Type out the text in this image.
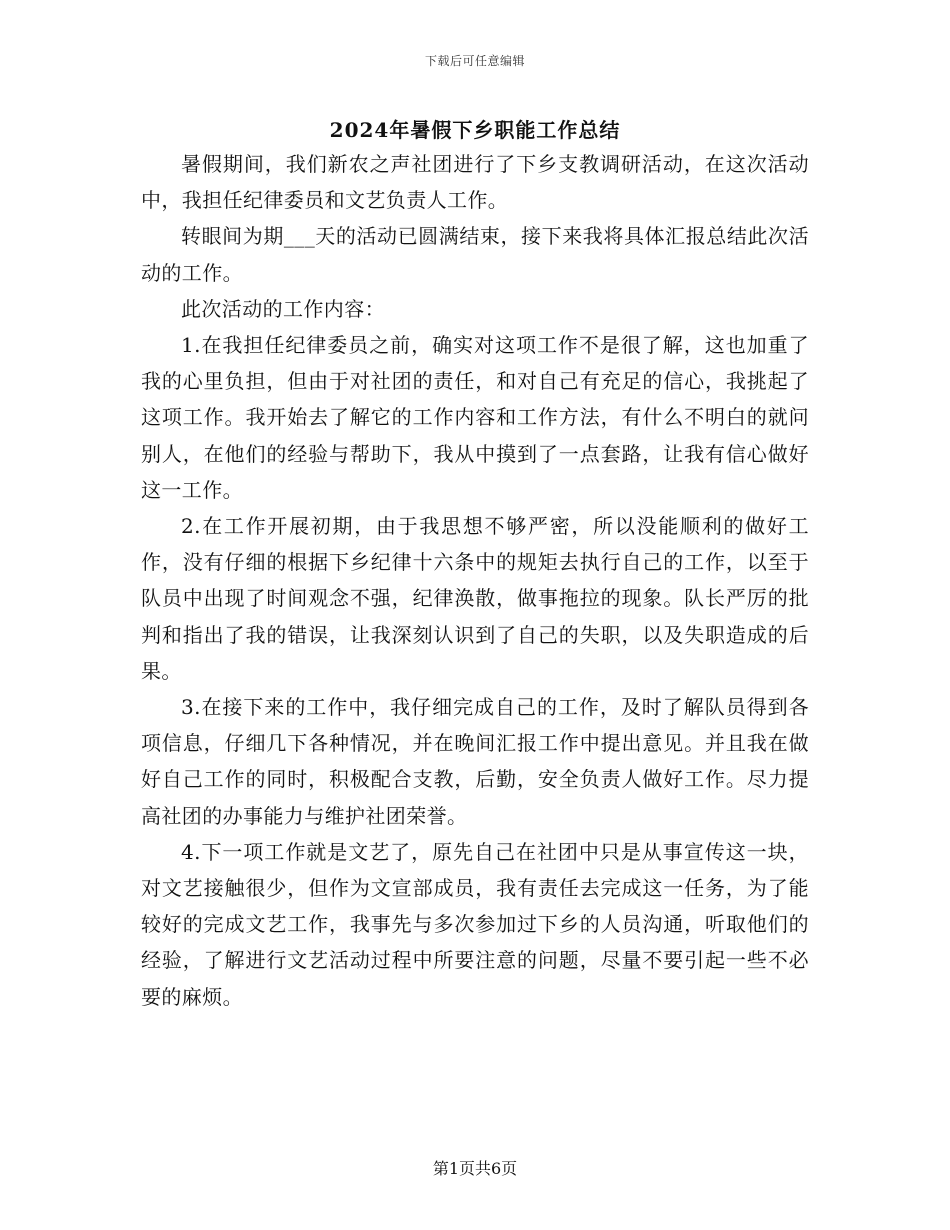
下载后可任意编辑
2024年暑假下乡职能工作总结

暑假期间，我们新农之声社团进行了下乡支教调研活动，在这次活动中，我担任纪律委员和文艺负责人工作。

转眼间为期___天的活动已圆满结束，接下来我将具体汇报总结此次活动的工作。

此次活动的工作内容：

1.在我担任纪律委员之前，确实对这项工作不是很了解，这也加重了我的心里负担，但由于对社团的责任，和对自己有充足的信心，我挑起了这项工作。我开始去了解它的工作内容和工作方法，有什么不明白的就问别人，在他们的经验与帮助下，我从中摸到了一点套路，让我有信心做好这一工作。

2.在工作开展初期，由于我思想不够严密，所以没能顺利的做好工作，没有仔细的根据下乡纪律十六条中的规矩去执行自己的工作，以至于队员中出现了时间观念不强，纪律涣散，做事拖拉的现象。队长严厉的批判和指出了我的错误，让我深刻认识到了自己的失职，以及失职造成的后果。

3.在接下来的工作中，我仔细完成自己的工作，及时了解队员得到各项信息，仔细几下各种情况，并在晚间汇报工作中提出意见。并且我在做好自己工作的同时，积极配合支教，后勤，安全负责人做好工作。尽力提高社团的办事能力与维护社团荣誉。

4.下一项工作就是文艺了，原先自己在社团中只是从事宣传这一块，对文艺接触很少，但作为文宣部成员，我有责任去完成这一任务，为了能较好的完成文艺工作，我事先与多次参加过下乡的人员沟通，听取他们的经验，了解进行文艺活动过程中所要注意的问题，尽量不要引起一些不必要的麻烦。

第1页共6页
